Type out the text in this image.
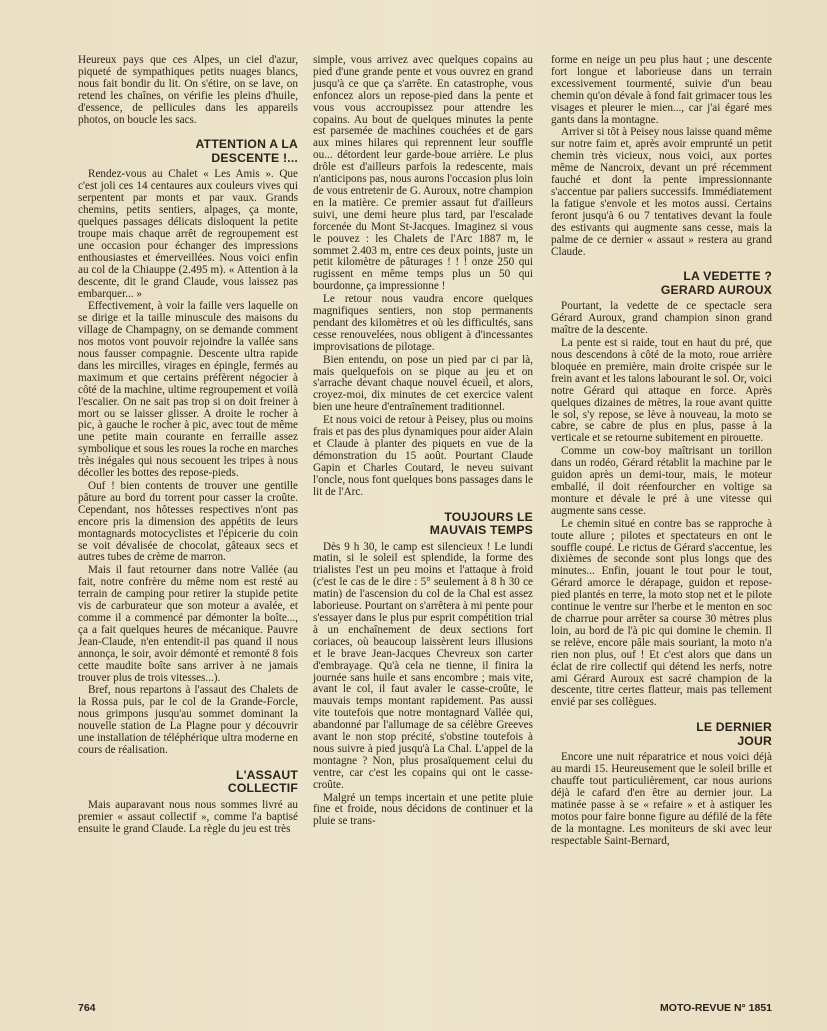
Heureux pays que ces Alpes, un ciel d'azur, piqueté de sympathiques petits nuages blancs, nous fait bondir du lit. On s'étire, on se lave, on retend les chaînes, on vérifie les pleins d'huile, d'essence, de pellicules dans les appareils photos, on boucle les sacs.

ATTENTION A LA
DESCENTE !...

Rendez-vous au Chalet « Les Amis ». Que c'est joli ces 14 centaures aux couleurs vives qui serpentent par monts et par vaux. Grands chemins, petits sentiers, alpages, ça monte, quelques passages délicats disloquent la petite troupe mais chaque arrêt de regroupement est une occasion pour échanger des impressions enthousiastes et émerveillées. Nous voici enfin au col de la Chiauppe (2.495 m). « Attention à la descente, dit le grand Claude, vous laissez pas embarquer... »

Effectivement, à voir la faille vers laquelle on se dirige et la taille minuscule des maisons du village de Champagny, on se demande comment nos motos vont pouvoir rejoindre la vallée sans nous fausser compagnie. Descente ultra rapide dans les mircilles, virages en épingle, fermés au maximum et que certains préfèrent négocier à côté de la machine, ultime regroupement et voilà l'escalier. On ne sait pas trop si on doit freiner à mort ou se laisser glisser. A droite le rocher à pic, à gauche le rocher à pic, avec tout de même une petite main courante en ferraille assez symbolique et sous les roues la roche en marches très inégales qui nous secouent les tripes à nous décoller les bottes des repose-pieds.

Ouf ! bien contents de trouver une gentille pâture au bord du torrent pour casser la croûte. Cependant, nos hôtesses respectives n'ont pas encore pris la dimension des appétits de leurs montagnards motocyclistes et l'épicerie du coin se voit dévalisée de chocolat, gâteaux secs et autres tubes de crème de marron.

Mais il faut retourner dans notre Vallée (au fait, notre confrère du même nom est resté au terrain de camping pour retirer la stupide petite vis de carburateur que son moteur a avalée, et comme il a commencé par démonter la boîte..., ça a fait quelques heures de mécanique. Pauvre Jean-Claude, n'en entendit-il pas quand il nous annonça, le soir, avoir démonté et remonté 8 fois cette maudite boîte sans arriver à ne jamais trouver plus de trois vitesses...).

Bref, nous repartons à l'assaut des Chalets de la Rossa puis, par le col de la Grande-Forcle, nous grimpons jusqu'au sommet dominant la nouvelle station de La Plagne pour y découvrir une installation de téléphérique ultra moderne en cours de réalisation.

L'ASSAUT
COLLECTIF

Mais auparavant nous nous sommes livré au premier « assaut collectif », comme l'a baptisé ensuite le grand Claude. La règle du jeu est très

simple, vous arrivez avec quelques copains au pied d'une grande pente et vous ouvrez en grand jusqu'à ce que ça s'arrête. En catastrophe, vous enfoncez alors un repose-pied dans la pente et vous vous accroupissez pour attendre les copains. Au bout de quelques minutes la pente est parsemée de machines couchées et de gars aux mines hilares qui reprennent leur souffle ou... détordent leur garde-boue arrière. Le plus drôle est d'ailleurs parfois la redescente, mais n'anticipons pas, nous aurons l'occasion plus loin de vous entretenir de G. Auroux, notre champion en la matière. Ce premier assaut fut d'ailleurs suivi, une demi heure plus tard, par l'escalade forcenée du Mont St-Jacques. Imaginez si vous le pouvez : les Chalets de l'Arc 1887 m, le sommet 2.403 m, entre ces deux points, juste un petit kilomètre de pâturages ! ! ! onze 250 qui rugissent en même temps plus un 50 qui bourdonne, ça impressionne !

Le retour nous vaudra encore quelques magnifiques sentiers, non stop permanents pendant des kilomètres et où les difficultés, sans cesse renouvelées, nous obligent à d'incessantes improvisations de pilotage.

Bien entendu, on pose un pied par ci par là, mais quelquefois on se pique au jeu et on s'arrache devant chaque nouvel écueil, et alors, croyez-moi, dix minutes de cet exercice valent bien une heure d'entraînement traditionnel.

Et nous voici de retour à Peisey, plus ou moins frais et pas des plus dynamiques pour aider Alain et Claude à planter des piquets en vue de la démonstration du 15 août. Pourtant Claude Gapin et Charles Coutard, le neveu suivant l'oncle, nous font quelques bons passages dans le lit de l'Arc.

TOUJOURS LE
MAUVAIS TEMPS

Dès 9 h 30, le camp est silencieux ! Le lundi matin, si le soleil est splendide, la forme des trialistes l'est un peu moins et l'attaque à froid (c'est le cas de le dire : 5° seulement à 8 h 30 ce matin) de l'ascension du col de la Chal est assez laborieuse. Pourtant on s'arrêtera à mi pente pour s'essayer dans le plus pur esprit compétition trial à un enchaînement de deux sections fort coriaces, où beaucoup laissèrent leurs illusions et le brave Jean-Jacques Chevreux son carter d'embrayage. Qu'à cela ne tienne, il finira la journée sans huile et sans encombre ; mais vite, avant le col, il faut avaler le casse-croûte, le mauvais temps montant rapidement. Pas aussi vite toutefois que notre montagnard Vallée qui, abandonné par l'allumage de sa célèbre Greeves avant le non stop précité, s'obstine toutefois à nous suivre à pied jusqu'à La Chal. L'appel de la montagne ? Non, plus prosaïquement celui du ventre, car c'est les copains qui ont le casse-croûte.

Malgré un temps incertain et une petite pluie fine et froide, nous décidons de continuer et la pluie se trans-

forme en neige un peu plus haut ; une descente fort longue et laborieuse dans un terrain excessivement tourmenté, suivie d'un beau chemin qu'on dévale à fond fait grimacer tous les visages et pleurer le mien..., car j'ai égaré mes gants dans la montagne.

Arriver si tôt à Peisey nous laisse quand même sur notre faim et, après avoir emprunté un petit chemin très vicieux, nous voici, aux portes même de Nancroix, devant un pré récemment fauché et dont la pente impressionnante s'accentue par paliers successifs. Immédiatement la fatigue s'envole et les motos aussi. Certains feront jusqu'à 6 ou 7 tentatives devant la foule des estivants qui augmente sans cesse, mais la palme de ce dernier « assaut » restera au grand Claude.

LA VEDETTE ?
GERARD AUROUX

Pourtant, la vedette de ce spectacle sera Gérard Auroux, grand champion sinon grand maître de la descente.

La pente est si raide, tout en haut du pré, que nous descendons à côté de la moto, roue arrière bloquée en première, main droite crispée sur le frein avant et les talons labourant le sol. Or, voici notre Gérard qui attaque en force. Après quelques dizaines de mètres, la roue avant quitte le sol, s'y repose, se lève à nouveau, la moto se cabre, se cabre de plus en plus, passe à la verticale et se retourne subitement en pirouette.

Comme un cow-boy maîtrisant un torillon dans un rodéo, Gérard rétablit la machine par le guidon après un demi-tour, mais, le moteur emballé, il doit réenfourcher en voltige sa monture et dévale le pré à une vitesse qui augmente sans cesse.

Le chemin situé en contre bas se rapproche à toute allure ; pilotes et spectateurs en ont le souffle coupé. Le rictus de Gérard s'accentue, les dixièmes de seconde sont plus longs que des minutes... Enfin, jouant le tout pour le tout, Gérard amorce le dérapage, guidon et repose-pied plantés en terre, la moto stop net et le pilote continue le ventre sur l'herbe et le menton en soc de charrue pour arrêter sa course 30 mètres plus loin, au bord de l'à pic qui domine le chemin. Il se relève, encore pâle mais souriant, la moto n'a rien non plus, ouf ! Et c'est alors que dans un éclat de rire collectif qui détend les nerfs, notre ami Gérard Auroux est sacré champion de la descente, titre certes flatteur, mais pas tellement envié par ses collègues.

LE DERNIER
JOUR

Encore une nuit réparatrice et nous voici déjà au mardi 15. Heureusement que le soleil brille et chauffe tout particulièrement, car nous aurions déjà le cafard d'en être au dernier jour. La matinée passe à se « refaire » et à astiquer les motos pour faire bonne figure au défilé de la fête de la montagne. Les moniteurs de ski avec leur respectable Saint-Bernard,

764	MOTO-REVUE N° 1851
